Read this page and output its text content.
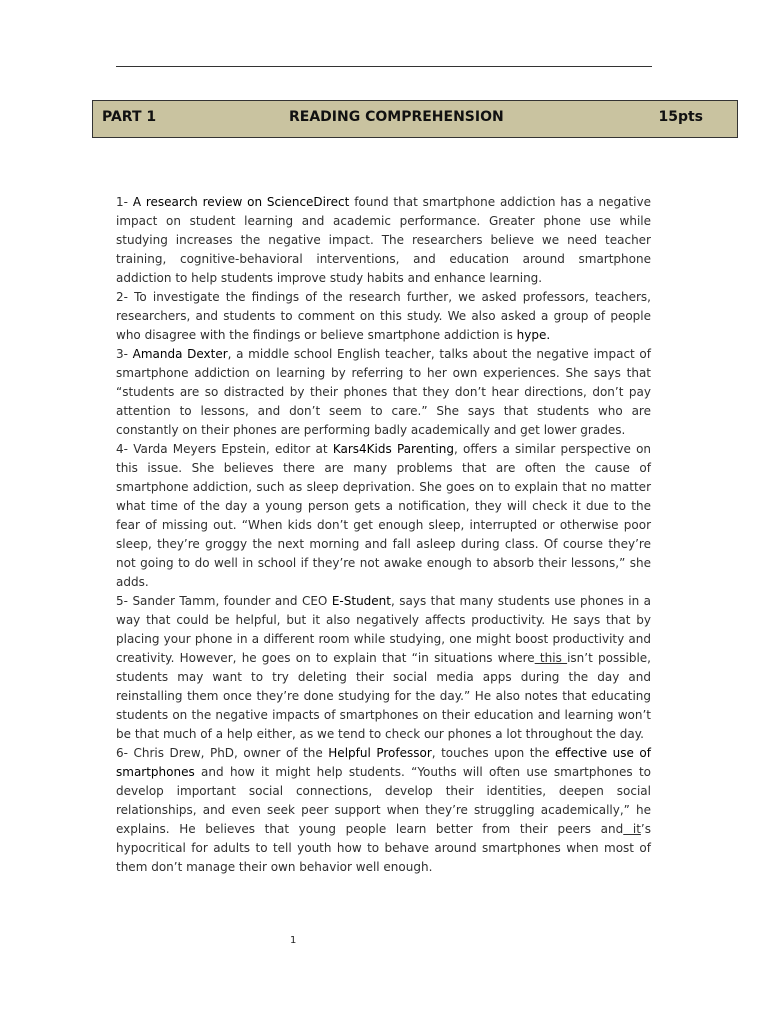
PART 1	READING COMPREHENSION	15pts

1- A research review on ScienceDirect found that smartphone addiction has a negative impact on student learning and academic performance. Greater phone use while studying increases the negative impact. The researchers believe we need teacher training, cognitive-behavioral interventions, and education around smartphone addiction to help students improve study habits and enhance learning.

2- To investigate the findings of the research further, we asked professors, teachers, researchers, and students to comment on this study. We also asked a group of people who disagree with the findings or believe smartphone addiction is hype.

3- Amanda Dexter, a middle school English teacher, talks about the negative impact of smartphone addiction on learning by referring to her own experiences. She says that “students are so distracted by their phones that they don’t hear directions, don’t pay attention to lessons, and don’t seem to care.” She says that students who are constantly on their phones are performing badly academically and get lower grades.

4- Varda Meyers Epstein, editor at Kars4Kids Parenting, offers a similar perspective on this issue. She believes there are many problems that are often the cause of smartphone addiction, such as sleep deprivation. She goes on to explain that no matter what time of the day a young person gets a notification, they will check it due to the fear of missing out. “When kids don’t get enough sleep, interrupted or otherwise poor sleep, they’re groggy the next morning and fall asleep during class. Of course they’re not going to do well in school if they’re not awake enough to absorb their lessons,” she adds.

5- Sander Tamm, founder and CEO E-Student, says that many students use phones in a way that could be helpful, but it also negatively affects productivity. He says that by placing your phone in a different room while studying, one might boost productivity and creativity. However, he goes on to explain that “in situations where this isn’t possible, students may want to try deleting their social media apps during the day and reinstalling them once they’re done studying for the day.” He also notes that educating students on the negative impacts of smartphones on their education and learning won’t be that much of a help either, as we tend to check our phones a lot throughout the day.

6- Chris Drew, PhD, owner of the Helpful Professor, touches upon the effective use of smartphones and how it might help students. “Youths will often use smartphones to develop important social connections, develop their identities, deepen social relationships, and even seek peer support when they’re struggling academically,” he explains. He believes that young people learn better from their peers and it’s hypocritical for adults to tell youth how to behave around smartphones when most of them don’t manage their own behavior well enough.

1
